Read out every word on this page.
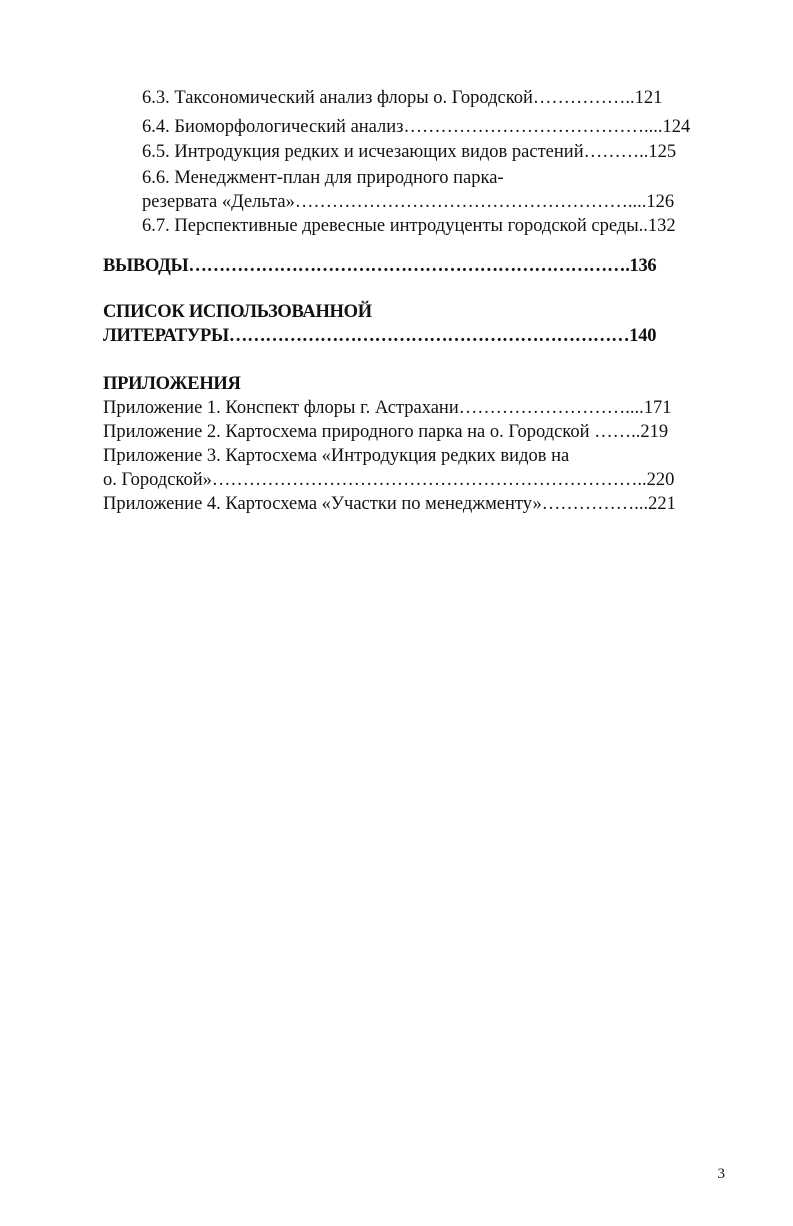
6.3. Таксономический анализ флоры о. Городской……………..121
6.4. Биоморфологический анализ…………………………………....124
6.5. Интродукция редких и исчезающих видов растений………..125
6.6. Менеджмент-план для природного парка-
резервата «Дельта»………………………………………………....126
6.7. Перспективные древесные интродуценты городской среды..132
ВЫВОДЫ……………………………………………………………….136
СПИСОК ИСПОЛЬЗОВАННОЙ
ЛИТЕРАТУРЫ…………………………………………………………140
ПРИЛОЖЕНИЯ
Приложение 1. Конспект флоры г. Астрахани………………………....171
Приложение 2. Картосхема природного парка на о. Городской ……..219
Приложение 3. Картосхема «Интродукция редких видов на
о. Городской»……………………………………………………………..220
Приложение 4. Картосхема «Участки по менеджменту»……………...221
3
